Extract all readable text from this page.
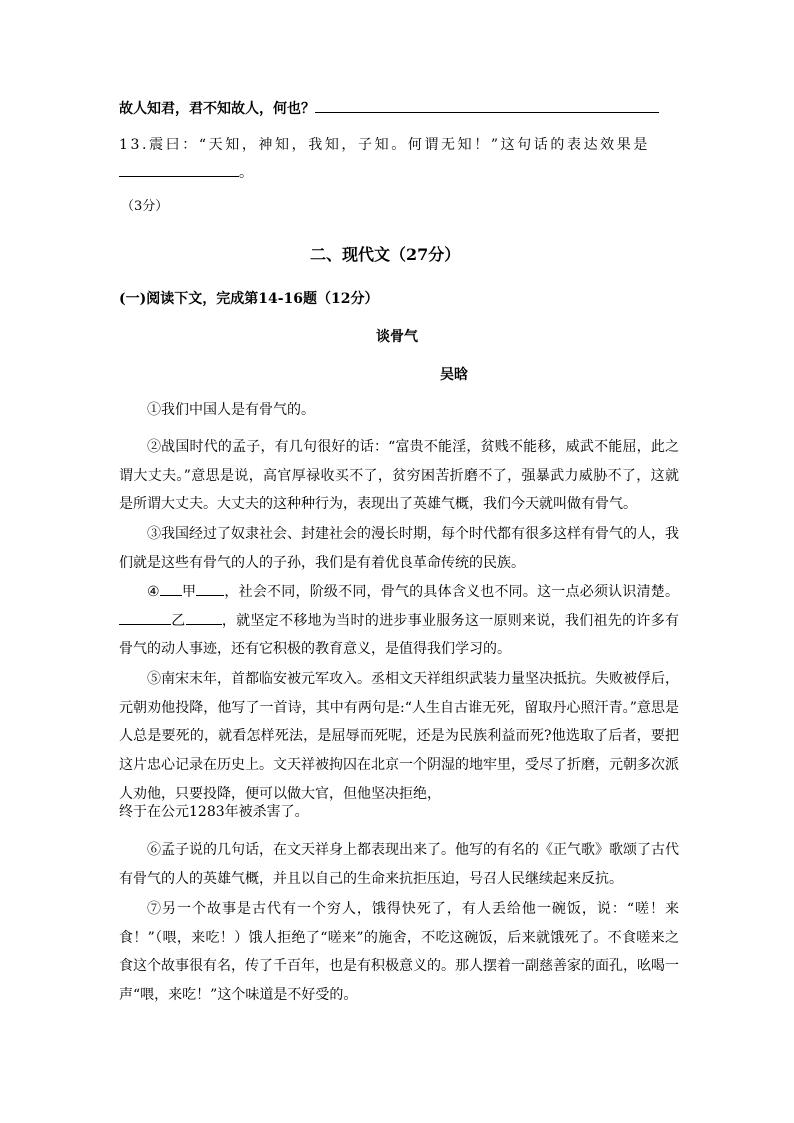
故人知君，君不知故人，何也？
13.震曰：“天知，神知，我知，子知。何谓无知！”这句话的表达效果是
。
（3分）
二、现代文（27分）
(一)阅读下文，完成第14-16题（12分）
谈骨气
吴晗
①我们中国人是有骨气的。
②战国时代的孟子，有几句很好的话：“富贵不能淫，贫贱不能移，威武不能屈，此之谓大丈夫。”意思是说，高官厚禄收买不了，贫穷困苦折磨不了，强暴武力威胁不了，这就是所谓大丈夫。大丈夫的这种种行为，表现出了英雄气概，我们今天就叫做有骨气。
③我国经过了奴隶社会、封建社会的漫长时期，每个时代都有很多这样有骨气的人，我们就是这些有骨气的人的子孙，我们是有着优良革命传统的民族。
④ 甲 ，社会不同，阶级不同，骨气的具体含义也不同。这一点必须认识清楚。乙	，就坚定不移地为当时的进步事业服务这一原则来说，我们祖先的许多有骨气的动人事迹，还有它积极的教育意义，是值得我们学习的。
⑤南宋末年，首都临安被元军攻入。丞相文天祥组织武装力量坚决抵抗。失败被俘后，元朝劝他投降，他写了一首诗，其中有两句是:“人生自古谁无死，留取丹心照汗青。”意思是人总是要死的，就看怎样死法，是屈辱而死呢，还是为民族利益而死?他选取了后者，要把这片忠心记录在历史上。文天祥被拘囚在北京一个阴湿的地牢里，受尽了折磨，元朝多次派人劝他，只要投降，便可以做大官，但他坚决拒绝，
终于在公元1283年被杀害了。
⑥孟子说的几句话，在文天祥身上都表现出来了。他写的有名的《正气歌》歌颂了古代有骨气的人的英雄气概，并且以自己的生命来抗拒压迫，号召人民继续起来反抗。
⑦另一个故事是古代有一个穷人，饿得快死了，有人丢给他一碗饭，说：“嗟！来食！”（喂，来吃！）饿人拒绝了“嗟来”的施舍，不吃这碗饭，后来就饿死了。不食嗟来之食这个故事很有名，传了千百年，也是有积极意义的。那人摆着一副慈善家的面孔，吆喝一声“喂，来吃！”这个味道是不好受的。
